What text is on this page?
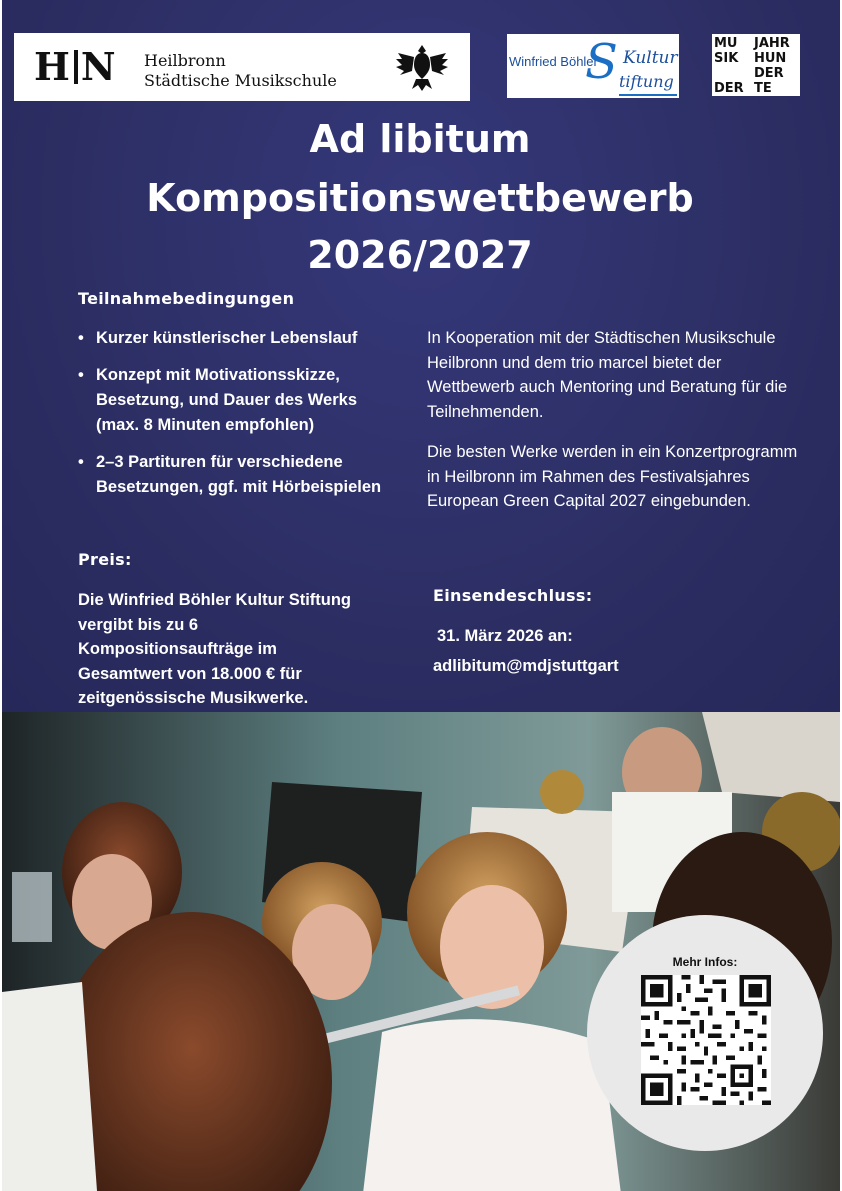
H N Heilbronn
Städtische Musikschule
Winfried Böhler
S Kultur
tiftung
MU
SIK
DER
JAHR
HUN
DER
TE
Ad libitum
Kompositionswettbewerb
2026/2027
Teilnahmebedingungen
• Kurzer künstlerischer Lebenslauf
• Konzept mit Motivationsskizze, Besetzung, und Dauer des Werks (max. 8 Minuten empfohlen)
• 2–3 Partituren für verschiedene Besetzungen, ggf. mit Hörbeispielen
Preis:
Die Winfried Böhler Kultur Stiftung vergibt bis zu 6 Kompositionsaufträge im Gesamtwert von 18.000 € für zeitgenössische Musikwerke.
In Kooperation mit der Städtischen Musikschule Heilbronn und dem trio marcel bietet der Wettbewerb auch Mentoring und Beratung für die Teilnehmenden.
Die besten Werke werden in ein Konzertprogramm in Heilbronn im Rahmen des Festivalsjahres European Green Capital 2027 eingebunden.
Einsendeschluss:
31. März 2026 an:
adlibitum@mdjstuttgart
Mehr Infos:
